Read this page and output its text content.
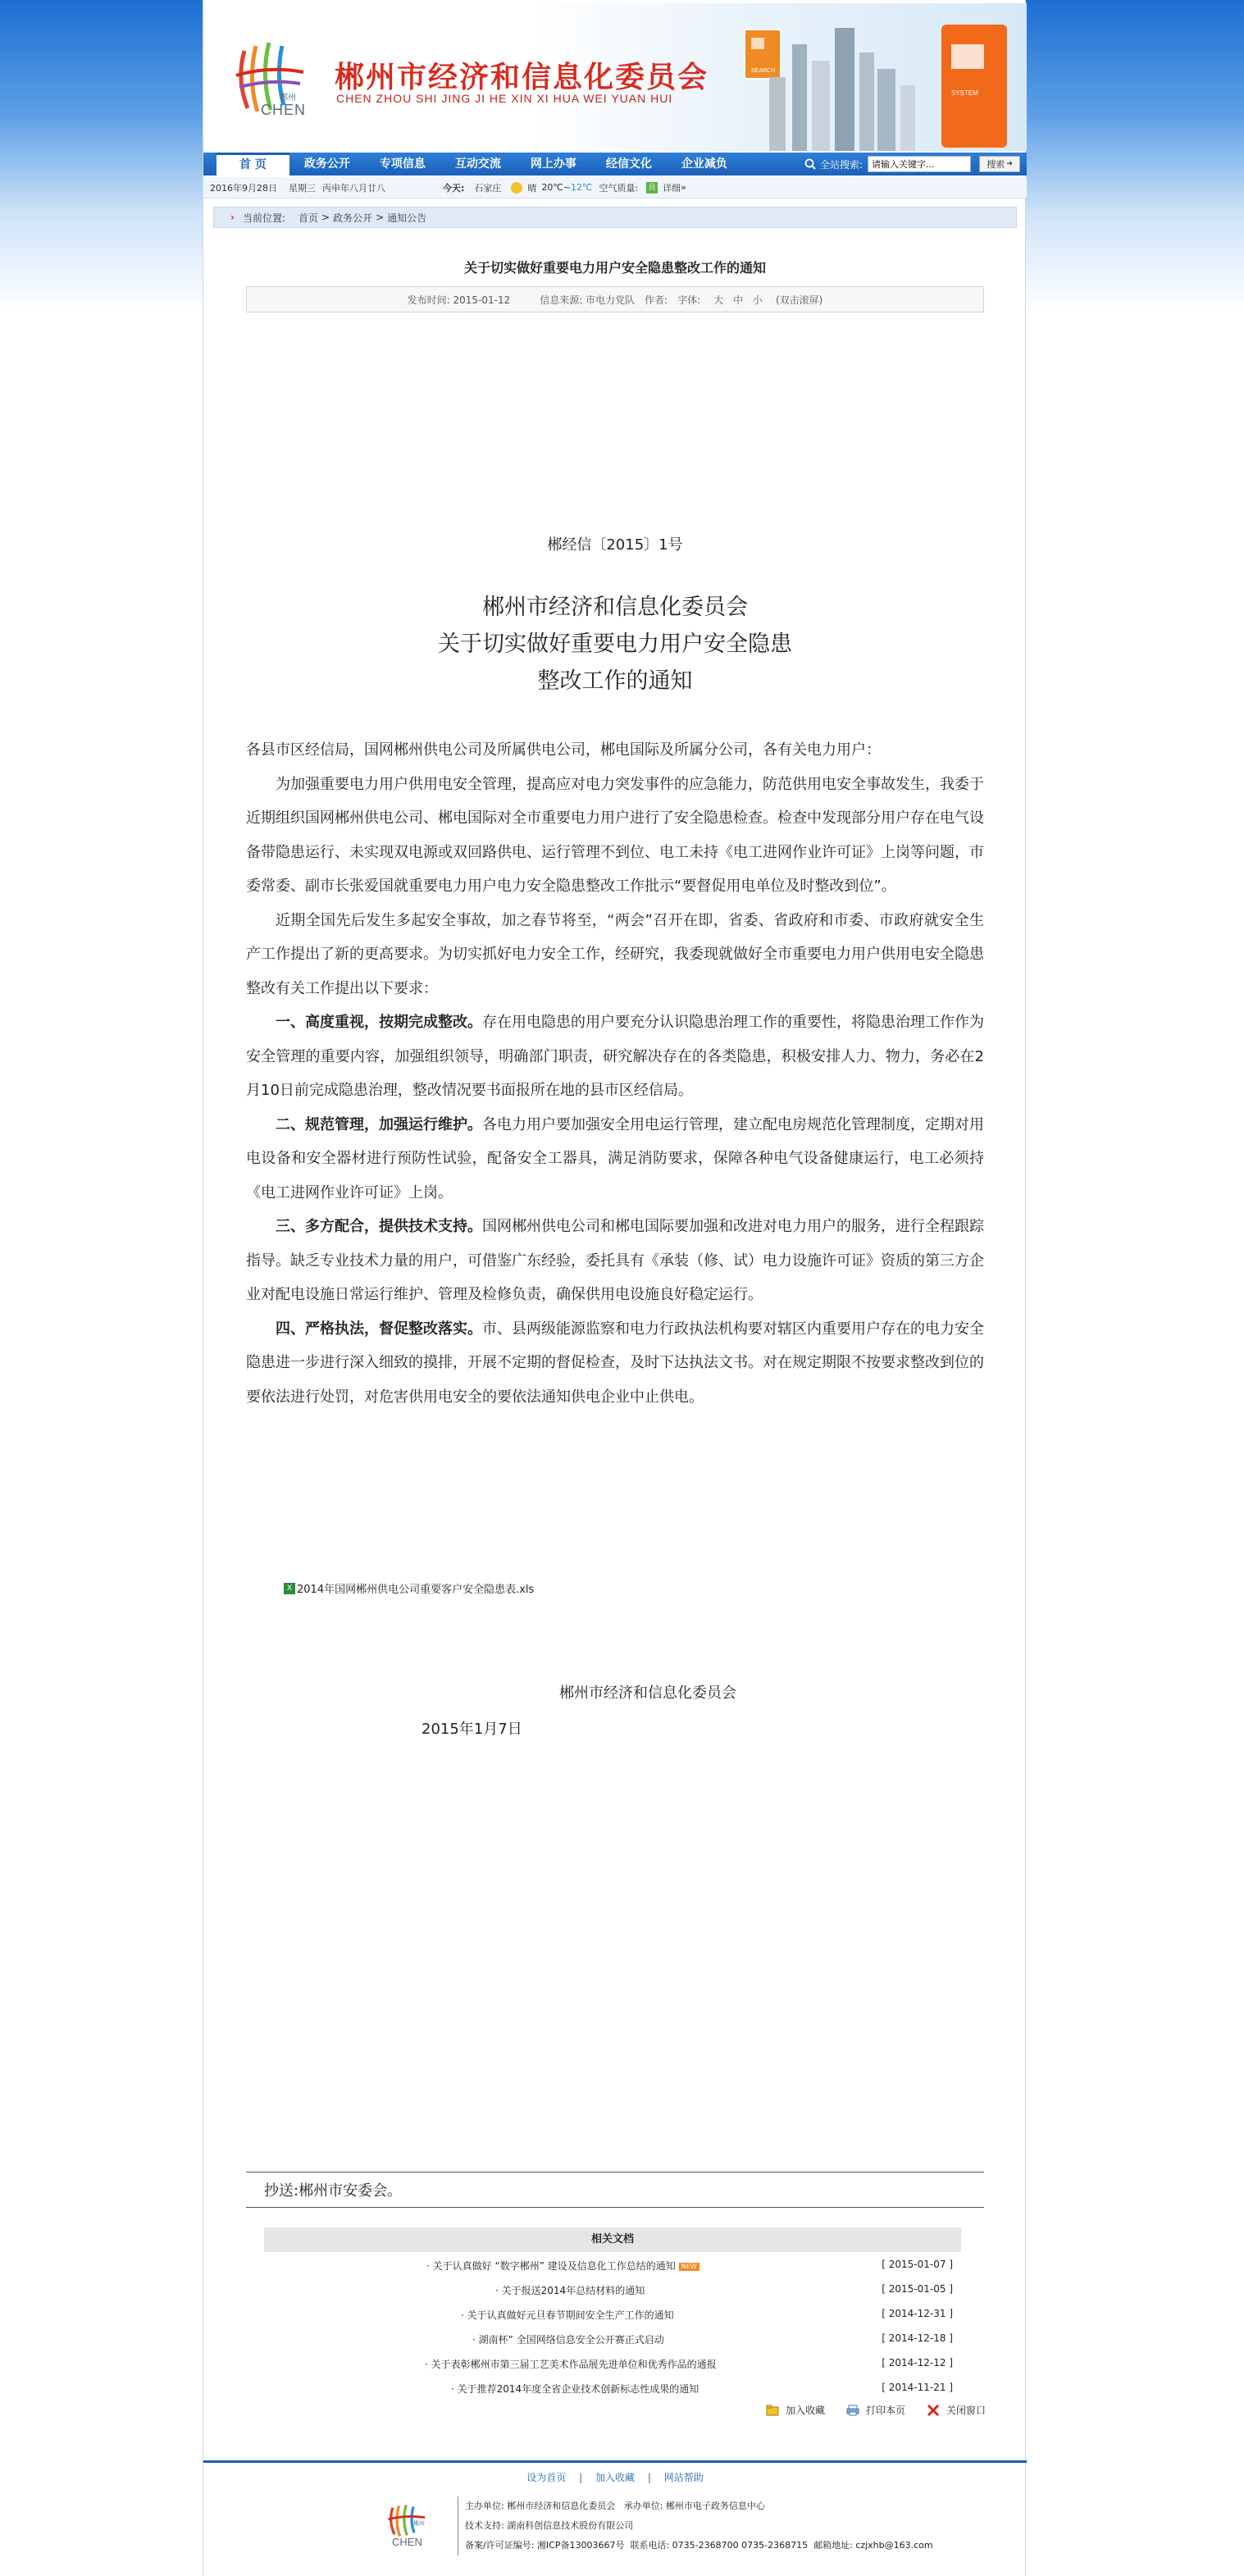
郴州
CHEN
郴州市经济和信息化委员会
CHEN ZHOU SHI JING JI HE XIN XI HUA WEI YUAN HUI
SEARCH
SYSTEM
首 页	政务公开	专项信息	互动交流	网上办事	经信文化	企业减负	全站搜索:
请输入关键字...	搜索 ➔
2016年9月28日 星期三 丙申年八月廿八	今天: 石家庄	晴 20℃ ~ 12℃ 空气质量: 良 详细 »
› 当前位置: 首页 > 政务公开 > 通知公告
关于切实做好重要电力用户安全隐患整改工作的通知
发布时间: 2015-01-12	信息来源: 市电力党队 作者: 字体:	大 中 小	(双击滚屏)
郴经信〔2015〕1号
郴州市经济和信息化委员会
关于切实做好重要电力用户安全隐患
整改工作的通知

各县市区经信局，国网郴州供电公司及所属供电公司，郴电国际及所属分公司，各有关电力用户：

为加强重要电力用户供用电安全管理，提高应对电力突发事件的应急能力，防范供用电安全事故发生，我委于近期组织国网郴州供电公司、郴电国际对全市重要电力用户进行了安全隐患检查。检查中发现部分用户存在电气设备带隐患运行、未实现双电源或双回路供电、运行管理不到位、电工未持《电工进网作业许可证》上岗等问题，市委常委、副市长张爱国就重要电力用户电力安全隐患整改工作批示“要督促用电单位及时整改到位”。

近期全国先后发生多起安全事故，加之春节将至，“两会”召开在即，省委、省政府和市委、市政府就安全生产工作提出了新的更高要求。为切实抓好电力安全工作，经研究，我委现就做好全市重要电力用户供用电安全隐患整改有关工作提出以下要求：

一、高度重视，按期完成整改。存在用电隐患的用户要充分认识隐患治理工作的重要性，将隐患治理工作作为安全管理的重要内容，加强组织领导，明确部门职责，研究解决存在的各类隐患，积极安排人力、物力，务必在2月10日前完成隐患治理，整改情况要书面报所在地的县市区经信局。

二、规范管理，加强运行维护。各电力用户要加强安全用电运行管理，建立配电房规范化管理制度，定期对用电设备和安全器材进行预防性试验，配备安全工器具，满足消防要求，保障各种电气设备健康运行，电工必须持《电工进网作业许可证》上岗。

三、多方配合，提供技术支持。国网郴州供电公司和郴电国际要加强和改进对电力用户的服务，进行全程跟踪指导。缺乏专业技术力量的用户，可借鉴广东经验，委托具有《承装（修、试）电力设施许可证》资质的第三方企业对配电设施日常运行维护、管理及检修负责，确保供用电设施良好稳定运行。

四、严格执法，督促整改落实。市、县两级能源监察和电力行政执法机构要对辖区内重要用户存在的电力安全隐患进一步进行深入细致的摸排，开展不定期的督促检查，及时下达执法文书。对在规定期限不按要求整改到位的要依法进行处罚，对危害供用电安全的要依法通知供电企业中止供电。

X 2014年国网郴州供电公司重要客户安全隐患表.xls
郴州市经济和信息化委员会
2015年1月7日
抄送:郴州市安委会。
相关文档
· 关于认真做好 “数字郴州” 建设及信息化工作总结的通知 NEW	[ 2015-01-07 ]
· 关于报送2014年总结材料的通知	[ 2015-01-05 ]
· 关于认真做好元旦春节期间安全生产工作的通知	[ 2014-12-31 ]
· 湖南杯” 全国网络信息安全公开赛正式启动	[ 2014-12-18 ]
· 关于表彰郴州市第三届工艺美术作品展先进单位和优秀作品的通报	[ 2014-12-12 ]
· 关于推荐2014年度全省企业技术创新标志性成果的通知	[ 2014-11-21 ]
加入收藏	打印本页	关闭窗口
设为首页 | 加入收藏 | 网站帮助
郴州
CHEN
主办单位: 郴州市经济和信息化委员会 承办单位: 郴州市电子政务信息中心
技术支持: 湖南科创信息技术股份有限公司
备案/许可证编号: 湘ICP备13003667号 联系电话: 0735-2368700 0735-2368715 邮箱地址: czjxhb@163.com
